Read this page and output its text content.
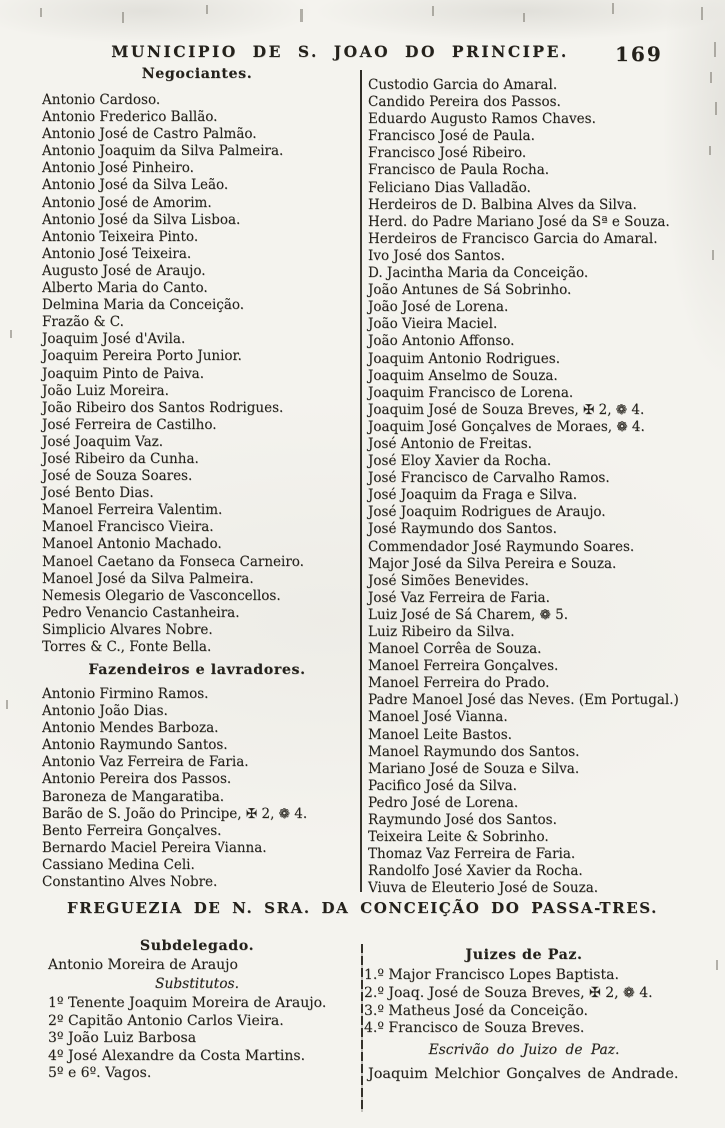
MUNICIPIO DE S. JOAO DO PRINCIPE.	169
Negociantes.
Antonio Cardoso.
Antonio Frederico Ballão.
Antonio José de Castro Palmão.
Antonio Joaquim da Silva Palmeira.
Antonio José Pinheiro.
Antonio José da Silva Leão.
Antonio José de Amorim.
Antonio José da Silva Lisboa.
Antonio Teixeira Pinto.
Antonio José Teixeira.
Augusto José de Araujo.
Alberto Maria do Canto.
Delmina Maria da Conceição.
Frazão & C.
Joaquim José d'Avila.
Joaquim Pereira Porto Junior.
Joaquim Pinto de Paiva.
João Luiz Moreira.
João Ribeiro dos Santos Rodrigues.
José Ferreira de Castilho.
José Joaquim Vaz.
José Ribeiro da Cunha.
José de Souza Soares.
José Bento Dias.
Manoel Ferreira Valentim.
Manoel Francisco Vieira.
Manoel Antonio Machado.
Manoel Caetano da Fonseca Carneiro.
Manoel José da Silva Palmeira.
Nemesis Olegario de Vasconcellos.
Pedro Venancio Castanheira.
Simplicio Alvares Nobre.
Torres & C., Fonte Bella.
Fazendeiros e lavradores.
Antonio Firmino Ramos.
Antonio João Dias.
Antonio Mendes Barboza.
Antonio Raymundo Santos.
Antonio Vaz Ferreira de Faria.
Antonio Pereira dos Passos.
Baroneza de Mangaratiba.
Barão de S. João do Principe, ✠ 2, ❁ 4.
Bento Ferreira Gonçalves.
Bernardo Maciel Pereira Vianna.
Cassiano Medina Celi.
Constantino Alves Nobre.
Custodio Garcia do Amaral.
Candido Pereira dos Passos.
Eduardo Augusto Ramos Chaves.
Francisco José de Paula.
Francisco José Ribeiro.
Francisco de Paula Rocha.
Feliciano Dias Valladão.
Herdeiros de D. Balbina Alves da Silva.
Herd. do Padre Mariano José da Sª e Souza.
Herdeiros de Francisco Garcia do Amaral.
Ivo José dos Santos.
D. Jacintha Maria da Conceição.
João Antunes de Sá Sobrinho.
João José de Lorena.
João Vieira Maciel.
João Antonio Affonso.
Joaquim Antonio Rodrigues.
Joaquim Anselmo de Souza.
Joaquim Francisco de Lorena.
Joaquim José de Souza Breves, ✠ 2, ❁ 4.
Joaquim José Gonçalves de Moraes, ❁ 4.
José Antonio de Freitas.
José Eloy Xavier da Rocha.
José Francisco de Carvalho Ramos.
José Joaquim da Fraga e Silva.
José Joaquim Rodrigues de Araujo.
José Raymundo dos Santos.
Commendador José Raymundo Soares.
Major José da Silva Pereira e Souza.
José Simões Benevides.
José Vaz Ferreira de Faria.
Luiz José de Sá Charem, ❁ 5.
Luiz Ribeiro da Silva.
Manoel Corrêa de Souza.
Manoel Ferreira Gonçalves.
Manoel Ferreira do Prado.
Padre Manoel José das Neves. (Em Portugal.)
Manoel José Vianna.
Manoel Leite Bastos.
Manoel Raymundo dos Santos.
Mariano José de Souza e Silva.
Pacifico José da Silva.
Pedro José de Lorena.
Raymundo José dos Santos.
Teixeira Leite & Sobrinho.
Thomaz Vaz Ferreira de Faria.
Randolfo José Xavier da Rocha.
Viuva de Eleuterio José de Souza.
FREGUEZIA DE N. SRA. DA CONCEIÇÃO DO PASSA-TRES.
Subdelegado.
Antonio Moreira de Araujo
Substitutos.
1º Tenente Joaquim Moreira de Araujo.
2º Capitão Antonio Carlos Vieira.
3º João Luiz Barbosa
4º José Alexandre da Costa Martins.
5º e 6º. Vagos.
Juizes de Paz.
1.º Major Francisco Lopes Baptista.
2.º Joaq. José de Souza Breves, ✠ 2, ❁ 4.
3.º Matheus José da Conceição.
4.º Francisco de Souza Breves.
Escrivão do Juizo de Paz.
Joaquim Melchior Gonçalves de Andrade.
